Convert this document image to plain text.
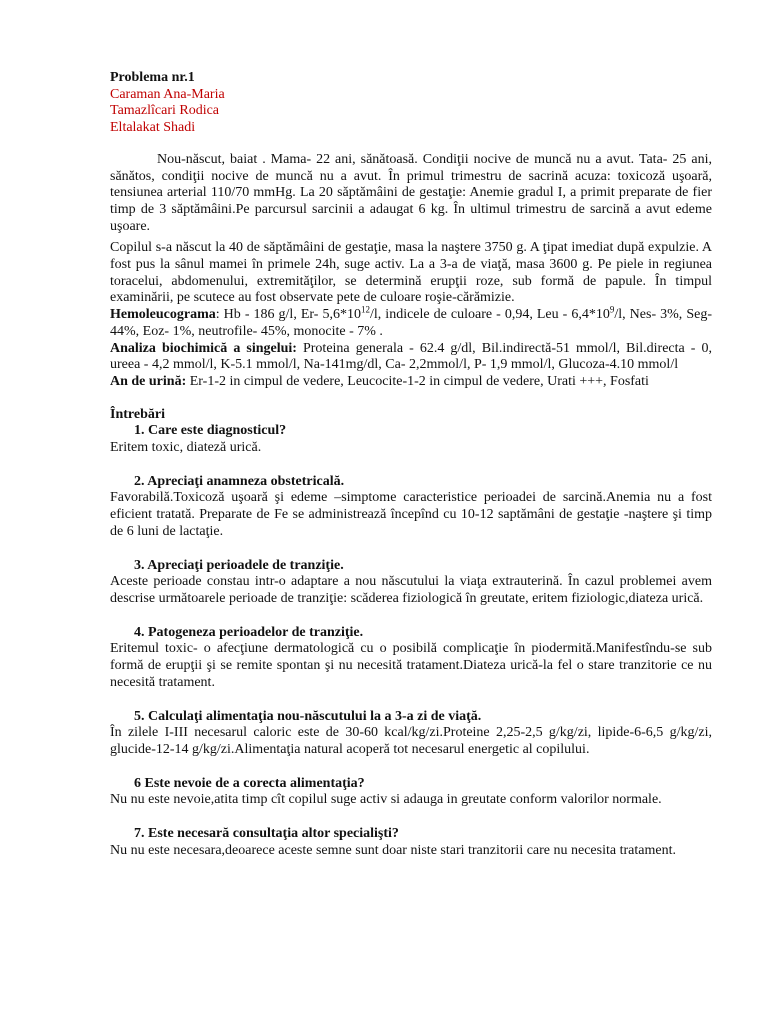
Problema nr.1
Caraman Ana-Maria
Tamazlîcari Rodica
Eltalakat Shadi
Nou-născut, baiat . Mama- 22 ani, sănătoasă. Condiţii nocive de muncă nu a avut. Tata- 25 ani, sănătos, condiţii nocive de muncă nu a avut. În primul trimestru de sacrină acuza: toxicoză uşoară, tensiunea arterial 110/70 mmHg. La 20 săptămâini de gestaţie: Anemie gradul I, a primit preparate de fier timp de 3 săptămâini.Pe parcursul sarcinii a adaugat 6 kg. În ultimul trimestru de sarcină a avut edeme uşoare.
Copilul s-a născut la 40 de săptămâini de gestaţie, masa la naştere 3750 g. A ţipat imediat după expulzie. A fost pus la sânul mamei în primele 24h, suge activ. La a 3-a de viaţă, masa 3600 g. Pe piele in regiunea toracelui, abdomenului, extremităţilor, se determină erupţii roze, sub formă de papule. În timpul examinării, pe scutece au fost observate pete de culoare roşie-cărămizie.
Hemoleucograma: Hb - 186 g/l, Er- $5,6*10^{12}/l$, indicele de culoare - 0,94, Leu - $6,4*10^9/l$, Nes- 3%, Seg- 44%, Eoz- 1%, neutrofile- 45%, monocite - 7% .
Analiza biochimică a singelui: Proteina generala - 62.4 g/dl, Bil.indirectă-51 mmol/l, Bil.directa - 0, ureea - 4,2 mmol/l, K-5.1 mmol/l, Na-141mg/dl, Ca- 2,2mmol/l, P- 1,9 mmol/l, Glucoza-4.10 mmol/l
An de urină: Er-1-2 in cimpul de vedere, Leucocite-1-2 in cimpul de vedere, Urati +++, Fosfati
Întrebări
1. Care este diagnosticul?
Eritem toxic, diateză urică.
2. Apreciaţi anamneza obstetricală.
Favorabilă.Toxicoză uşoară şi edeme –simptome caracteristice perioadei de sarcină.Anemia nu a fost eficient tratată. Preparate de Fe se administrează începînd cu 10-12 saptămâni de gestaţie -naştere şi timp de 6 luni de lactaţie.
3. Apreciaţi perioadele de tranziţie.
Aceste perioade constau intr-o adaptare a nou născutului la viaţa extrauterină. În cazul problemei avem descrise următoarele perioade de tranziţie: scăderea fiziologică în greutate, eritem fiziologic,diateza urică.
4. Patogeneza perioadelor de tranziţie.
Eritemul toxic- o afecţiune dermatologică cu o posibilă complicaţie în piodermită.Manifestîndu-se sub formă de erupţii şi se remite spontan şi nu necesită tratament.Diateza urică-la fel o stare tranzitorie ce nu necesită tratament.
5. Calculaţi alimentaţia nou-născutului la a 3-a zi de viaţă.
În zilele I-III necesarul caloric este de 30-60 kcal/kg/zi.Proteine 2,25-2,5 g/kg/zi, lipide-6-6,5 g/kg/zi, glucide-12-14 g/kg/zi.Alimentaţia natural acoperă tot necesarul energetic al copilului.
6 Este nevoie de a corecta alimentaţia?
Nu nu este nevoie,atita timp cît copilul suge activ si adauga in greutate conform valorilor normale.
7. Este necesară consultaţia altor specialişti?
Nu nu este necesara,deoarece aceste semne sunt doar niste stari tranzitorii care nu necesita tratament.
